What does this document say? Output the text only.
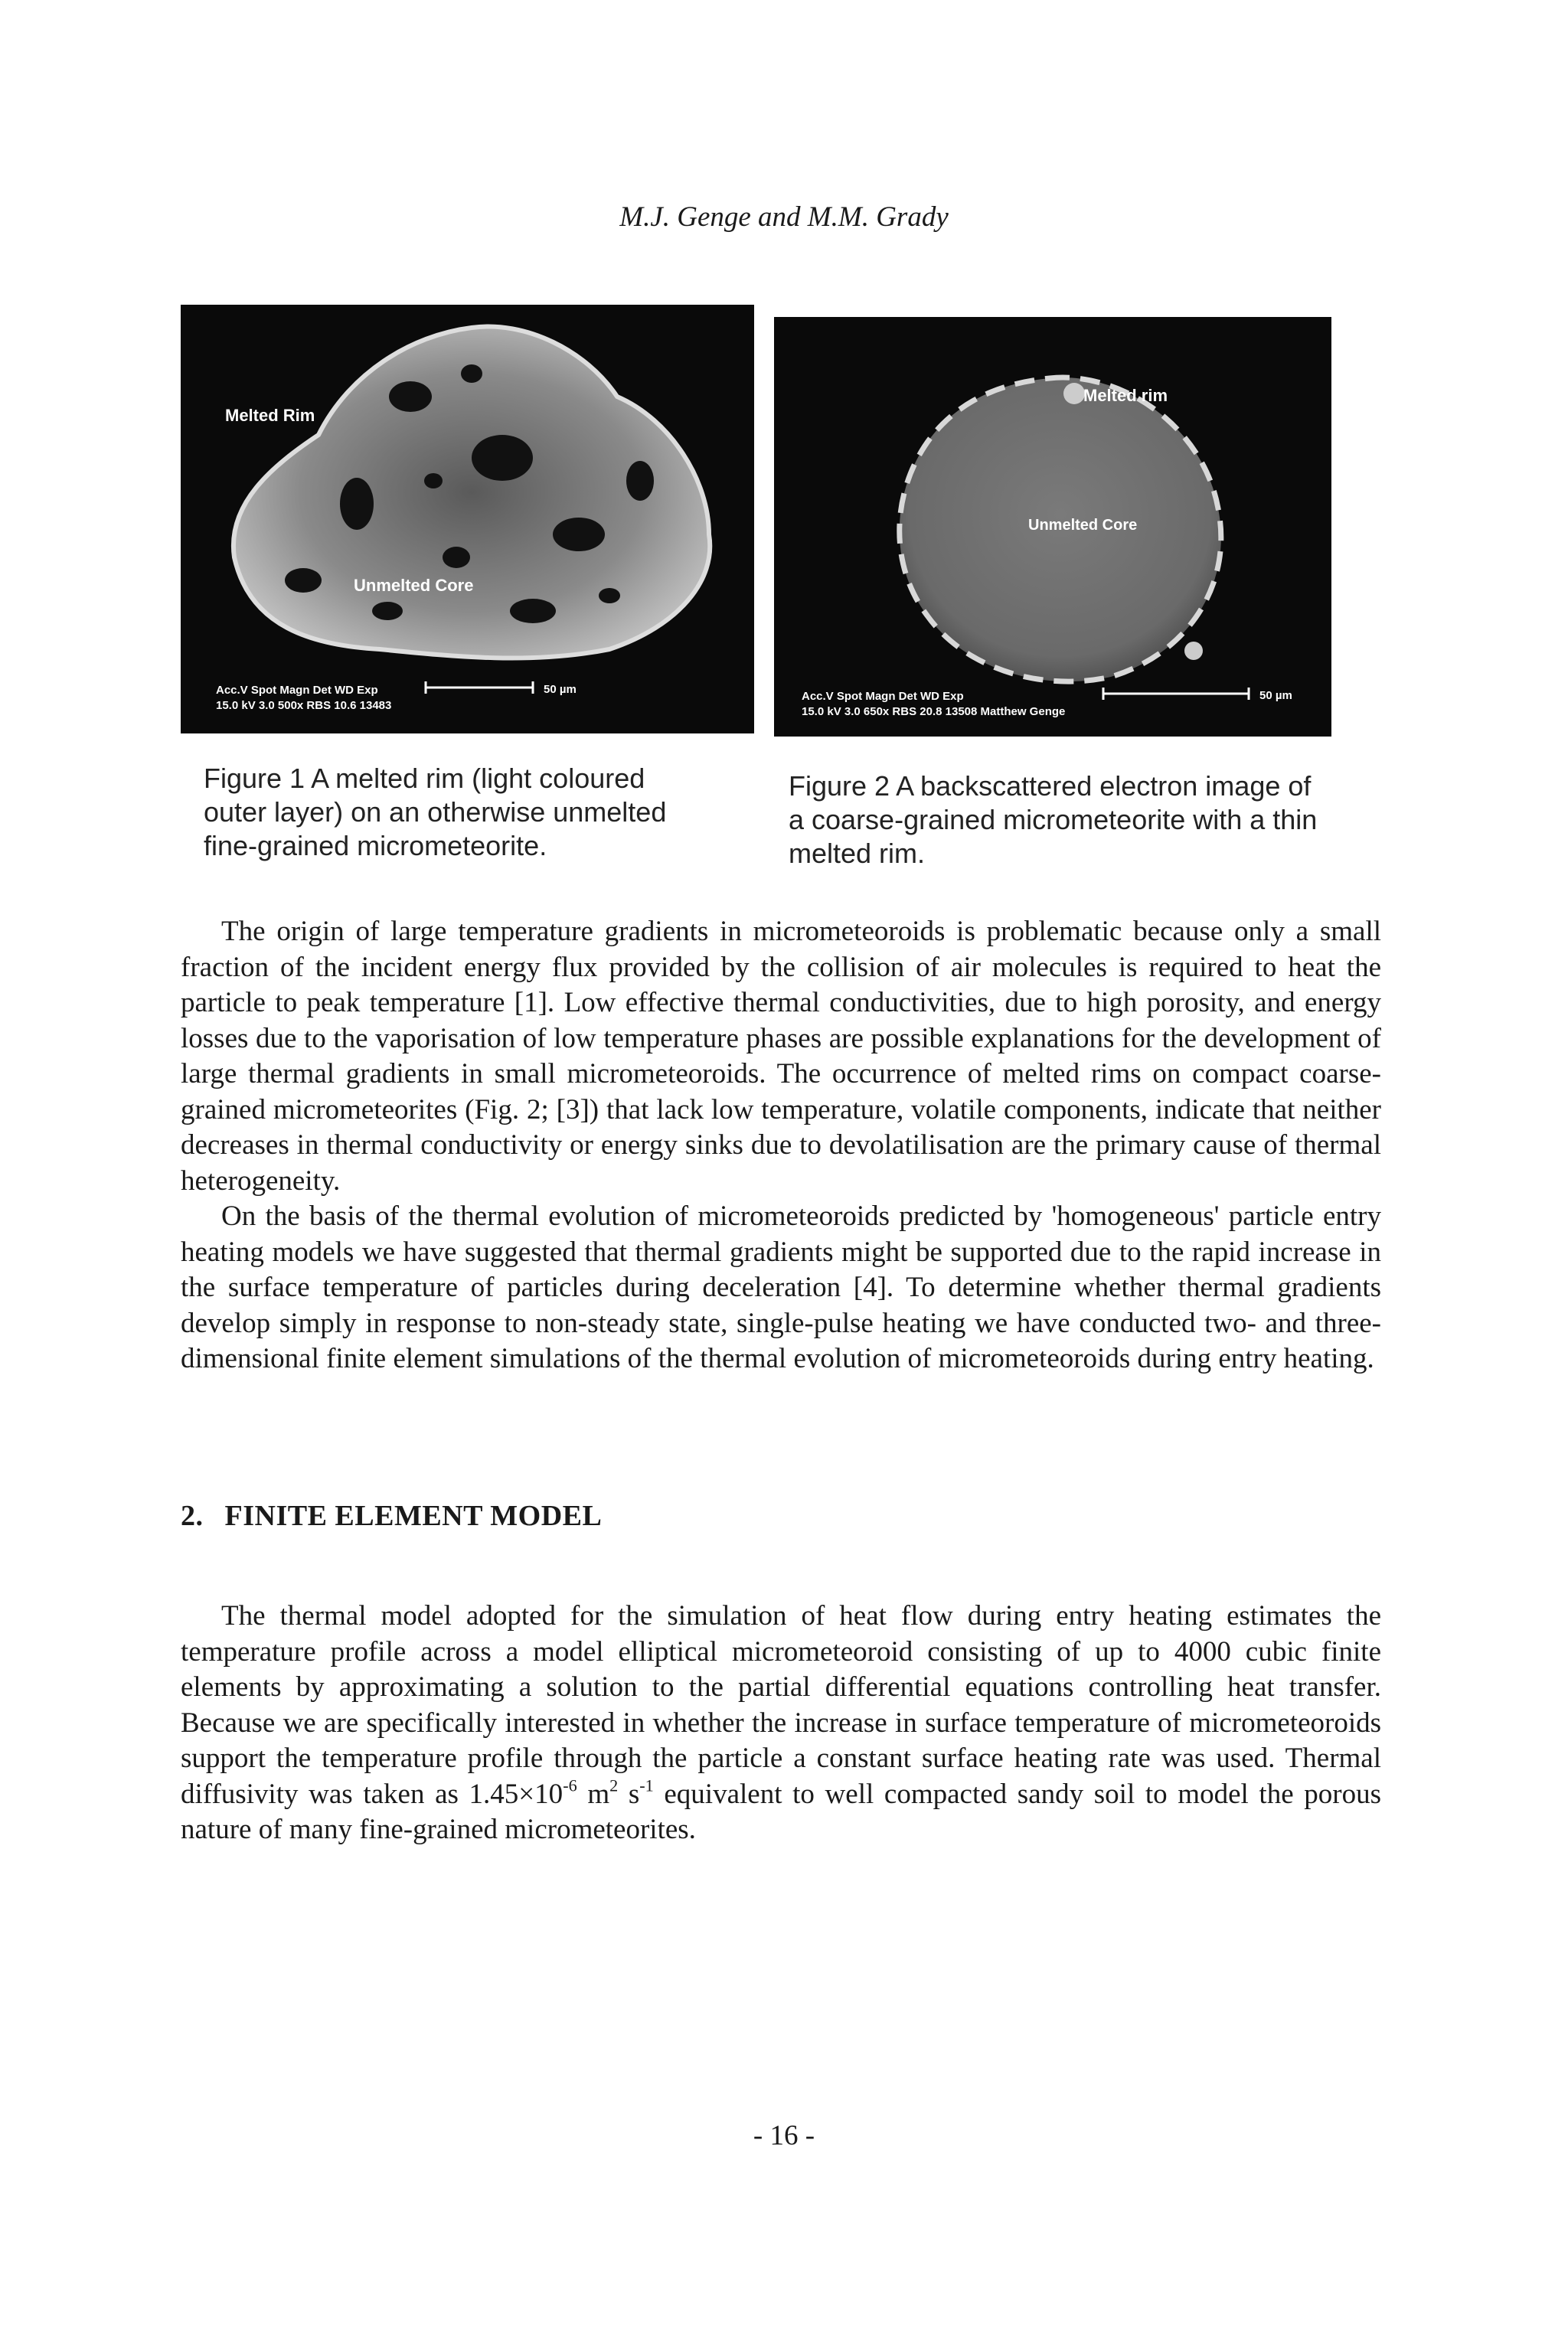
M.J. Genge and M.M. Grady
Melted Rim
Unmelted Core
Acc.V Spot Magn Det WD Exp
15.0 kV 3.0 500x RBS 10.6 13483
50 µm
Melted rim
Unmelted Core
Acc.V Spot Magn Det WD Exp
15.0 kV 3.0 650x RBS 20.8 13508 Matthew Genge
50 µm
Figure 1 A melted rim (light coloured outer layer) on an otherwise unmelted fine-grained micrometeorite.
Figure 2 A backscattered electron image of a coarse-grained micrometeorite with a thin melted rim.

The origin of large temperature gradients in micrometeoroids is problematic because only a small fraction of the incident energy flux provided by the collision of air molecules is required to heat the particle to peak temperature [1]. Low effective thermal conductivities, due to high porosity, and energy losses due to the vaporisation of low temperature phases are possible explanations for the development of large thermal gradients in small micrometeoroids. The occurrence of melted rims on compact coarse-grained micrometeorites (Fig. 2; [3]) that lack low temperature, volatile components, indicate that neither decreases in thermal conductivity or energy sinks due to devolatilisation are the primary cause of thermal heterogeneity.

On the basis of the thermal evolution of micrometeoroids predicted by 'homogeneous' particle entry heating models we have suggested that thermal gradients might be supported due to the rapid increase in the surface temperature of particles during deceleration [4]. To determine whether thermal gradients develop simply in response to non-steady state, single-pulse heating we have conducted two- and three-dimensional finite element simulations of the thermal evolution of micrometeoroids during entry heating.

2. FINITE ELEMENT MODEL

The thermal model adopted for the simulation of heat flow during entry heating estimates the temperature profile across a model elliptical micrometeoroid consisting of up to 4000 cubic finite elements by approximating a solution to the partial differential equations controlling heat transfer. Because we are specifically interested in whether the increase in surface temperature of micrometeoroids support the temperature profile through the particle a constant surface heating rate was used. Thermal diffusivity was taken as $1.45\times 10^{-6}$ $m^2$ $s^{-1}$ equivalent to well compacted sandy soil to model the porous nature of many fine-grained micrometeorites.

- 16 -
